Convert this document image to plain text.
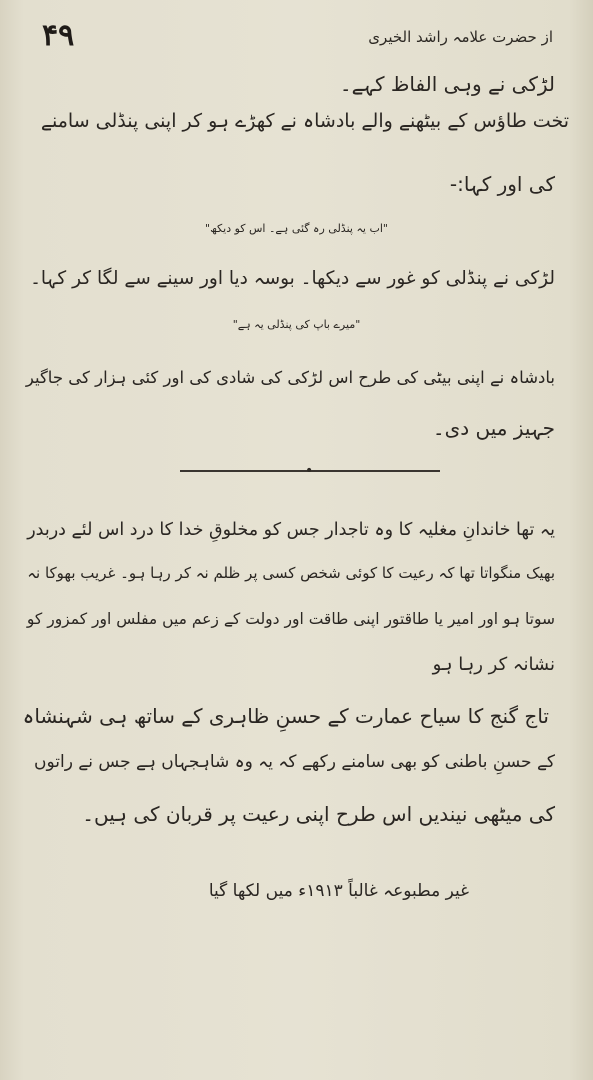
۴۹	از حضرت علامہ راشد الخیری
لڑکی نے وہی الفاظ کہے۔
تخت طاؤس کے بیٹھنے والے بادشاہ نے کھڑے ہو کر اپنی پنڈلی سامنے
کی اور کہا:-
"اب یہ پنڈلی رہ گئی ہے۔ اس کو دیکھ"
لڑکی نے پنڈلی کو غور سے دیکھا۔ بوسہ دیا اور سینے سے لگا کر کہا۔
"میرے باپ کی پنڈلی یہ ہے"
بادشاہ نے اپنی بیٹی کی طرح اس لڑکی کی شادی کی اور کئی ہزار کی جاگیر
جہیز میں دی۔
•
یہ تھا خاندانِ مغلیہ کا وہ تاجدار جس کو مخلوقِ خدا کا درد اس لئے دربدر
بھیک منگواتا تھا کہ رعیت کا کوئی شخص کسی پر ظلم نہ کر رہا ہو۔ غریب بھوکا نہ
سوتا ہو اور امیر یا طاقتور اپنی طاقت اور دولت کے زعم میں مفلس اور کمزور کو
نشانہ کر رہا ہو
تاج گنج کا سیاح عمارت کے حسنِ ظاہری کے ساتھ ہی شہنشاہ
کے حسنِ باطنی کو بھی سامنے رکھے کہ یہ وہ شاہجہاں ہے جس نے راتوں
کی میٹھی نیندیں اس طرح اپنی رعیت پر قربان کی ہیں۔
غیر مطبوعہ غالباً ۱۹۱۳ء میں لکھا گیا
